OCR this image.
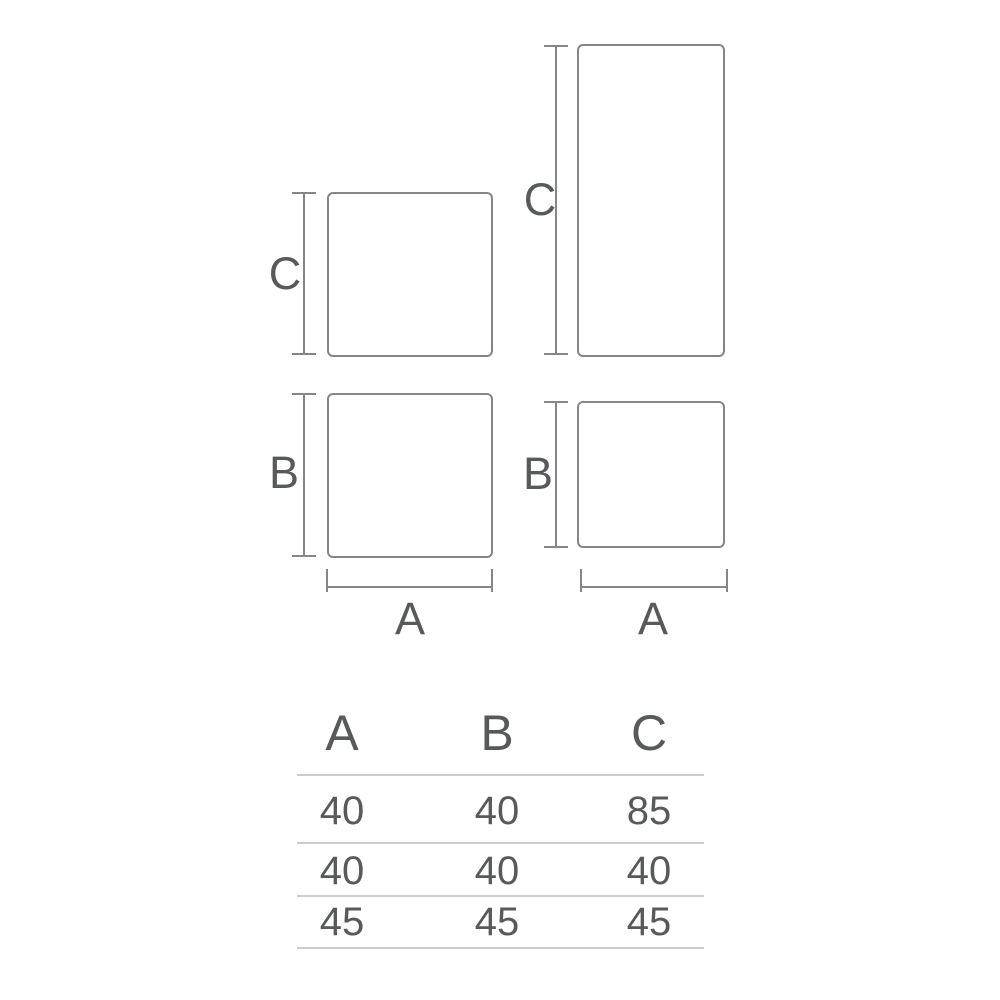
C
C
B	B
A	A
A	B	C
40	40	85
40	40	40
45	45	45
